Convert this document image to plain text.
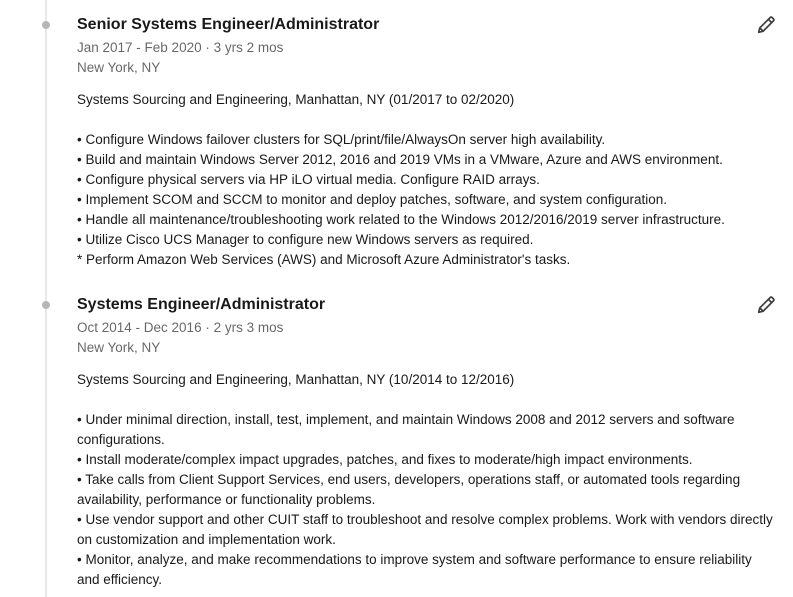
Senior Systems Engineer/Administrator
Jan 2017 - Feb 2020 · 3 yrs 2 mos
New York, NY
Systems Sourcing and Engineering, Manhattan, NY (01/2017 to 02/2020)
• Configure Windows failover clusters for SQL/print/file/AlwaysOn server high availability.
• Build and maintain Windows Server 2012, 2016 and 2019 VMs in a VMware, Azure and AWS environment.
• Configure physical servers via HP iLO virtual media. Configure RAID arrays.
• Implement SCOM and SCCM to monitor and deploy patches, software, and system configuration.
• Handle all maintenance/troubleshooting work related to the Windows 2012/2016/2019 server infrastructure.
• Utilize Cisco UCS Manager to configure new Windows servers as required.
* Perform Amazon Web Services (AWS) and Microsoft Azure Administrator's tasks.
Systems Engineer/Administrator
Oct 2014 - Dec 2016 · 2 yrs 3 mos
New York, NY
Systems Sourcing and Engineering, Manhattan, NY (10/2014 to 12/2016)
• Under minimal direction, install, test, implement, and maintain Windows 2008 and 2012 servers and software configurations.
• Install moderate/complex impact upgrades, patches, and fixes to moderate/high impact environments.
• Take calls from Client Support Services, end users, developers, operations staff, or automated tools regarding availability, performance or functionality problems.
• Use vendor support and other CUIT staff to troubleshoot and resolve complex problems. Work with vendors directly on customization and implementation work.
• Monitor, analyze, and make recommendations to improve system and software performance to ensure reliability and efficiency.
